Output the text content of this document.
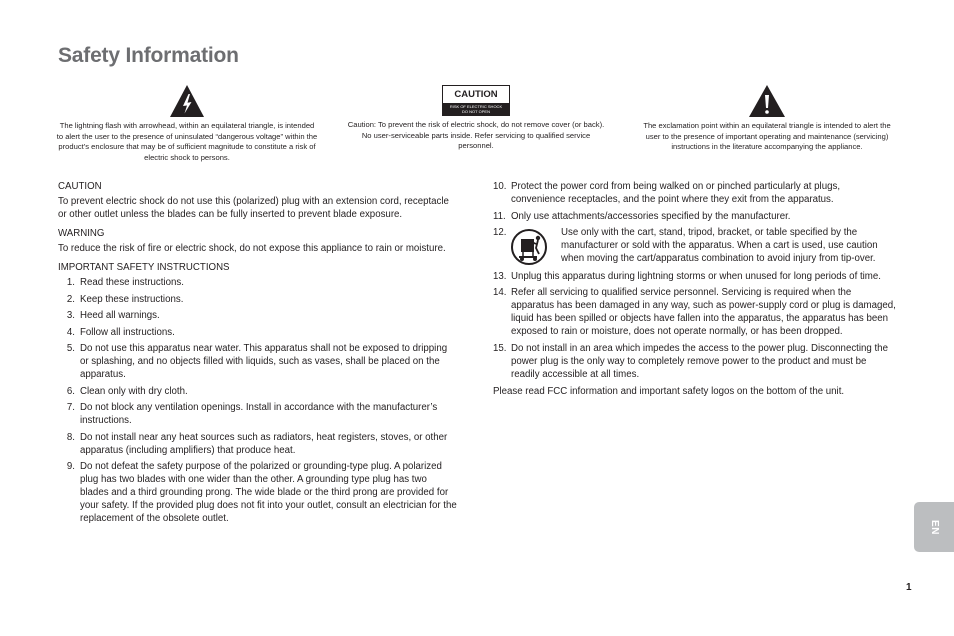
Safety Information
The lightning flash with arrowhead, within an equilateral triangle, is intended to alert the user to the presence of uninsulated “dangerous voltage” within the product’s enclosure that may be of sufficient magnitude to constitute a risk of electric shock to persons.
CAUTION
RISK OF ELECTRIC SHOCK
DO NOT OPEN
Caution: To prevent the risk of electric shock, do not remove cover (or back). No user-serviceable parts inside. Refer servicing to qualified service personnel.
The exclamation point within an equilateral triangle is intended to alert the user to the presence of important operating and maintenance (servicing) instructions in the literature accompanying the appliance.
CAUTION

To prevent electric shock do not use this (polarized) plug with an extension cord, receptacle or other outlet unless the blades can be fully inserted to prevent blade exposure.

WARNING

To reduce the risk of fire or electric shock, do not expose this appliance to rain or moisture.

IMPORTANT SAFETY INSTRUCTIONS
1. Read these instructions.
2. Keep these instructions.
3. Heed all warnings.
4. Follow all instructions.
5. Do not use this apparatus near water. This apparatus shall not be exposed to dripping or splashing, and no objects filled with liquids, such as vases, shall be placed on the apparatus.
6. Clean only with dry cloth.
7. Do not block any ventilation openings. Install in accordance with the manufacturer’s instructions.
8. Do not install near any heat sources such as radiators, heat registers, stoves, or other apparatus (including amplifiers) that produce heat.
9. Do not defeat the safety purpose of the polarized or grounding-type plug. A polarized plug has two blades with one wider than the other. A grounding type plug has two blades and a third grounding prong. The wide blade or the third prong are provided for your safety. If the provided plug does not fit into your outlet, consult an electrician for the replacement of the obsolete outlet.
10. Protect the power cord from being walked on or pinched particularly at plugs, convenience receptacles, and the point where they exit from the apparatus.
11. Only use attachments/accessories specified by the manufacturer.
12.	Use only with the cart, stand, tripod, bracket, or table specified by the manufacturer or sold with the apparatus. When a cart is used, use caution when moving the cart/apparatus combination to avoid injury from tip-over.
13. Unplug this apparatus during lightning storms or when unused for long periods of time.
14. Refer all servicing to qualified service personnel. Servicing is required when the apparatus has been damaged in any way, such as power-supply cord or plug is damaged, liquid has been spilled or objects have fallen into the apparatus, the apparatus has been exposed to rain or moisture, does not operate normally, or has been dropped.
15. Do not install in an area which impedes the access to the power plug. Disconnecting the power plug is the only way to completely remove power to the product and must be readily accessible at all times.

Please read FCC information and important safety logos on the bottom of the unit.

EN
1
